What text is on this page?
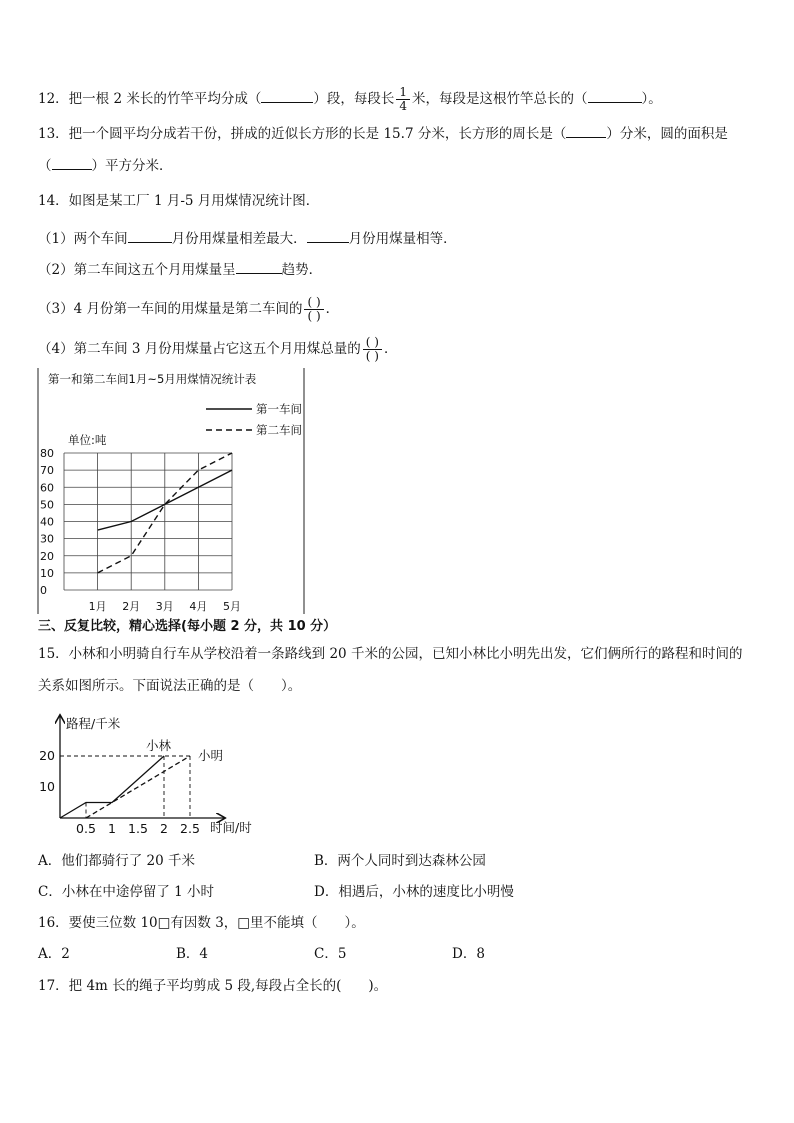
12．把一根 2 米长的竹竿平均分成（	）段，每段长 $\frac{1}{4}$ 米，每段是这根竹竿总长的（	）。
13．把一个圆平均分成若干份，拼成的近似长方形的长是 15.7 分米，长方形的周长是（	）分米，圆的面积是
（	）平方分米．
14．如图是某工厂 1 月-5 月用煤情况统计图．
（1）两个车间	月份用煤量相差最大．	月份用煤量相等．
（2）第二车间这五个月用煤量呈	趋势．
（3）4 月份第一车间的用煤量是第二车间的 $\frac{( )}{( )}$ ．
（4）第二车间 3 月份用煤量占它这五个月用煤总量的 $\frac{( )}{( )}$ ．
第一和第二车间1月~5月用煤情况统计表
第一车间
第二车间
单位:吨
0
10
20
30
40
50
60
70
80
1月 2月 3月 4月 5月
三、反复比较，精心选择(每小题 2 分，共 10 分）
15．小林和小明骑自行车从学校沿着一条路线到 20 千米的公园，已知小林比小明先出发，它们俩所行的路程和时间的
关系如图所示。下面说法正确的是（　　）。
路程/千米
时间/时
0.5 1 1.5 2 2.5
10
20
小林
小明
A．他们都骑行了 20 千米	B．两个人同时到达森林公园
C．小林在中途停留了 1 小时	D．相遇后，小林的速度比小明慢
16．要使三位数 10□有因数 3，□里不能填（　　）。
A．2	B．4	C．5	D．8
17．把 4m 长的绳子平均剪成 5 段,每段占全长的(　　)。
